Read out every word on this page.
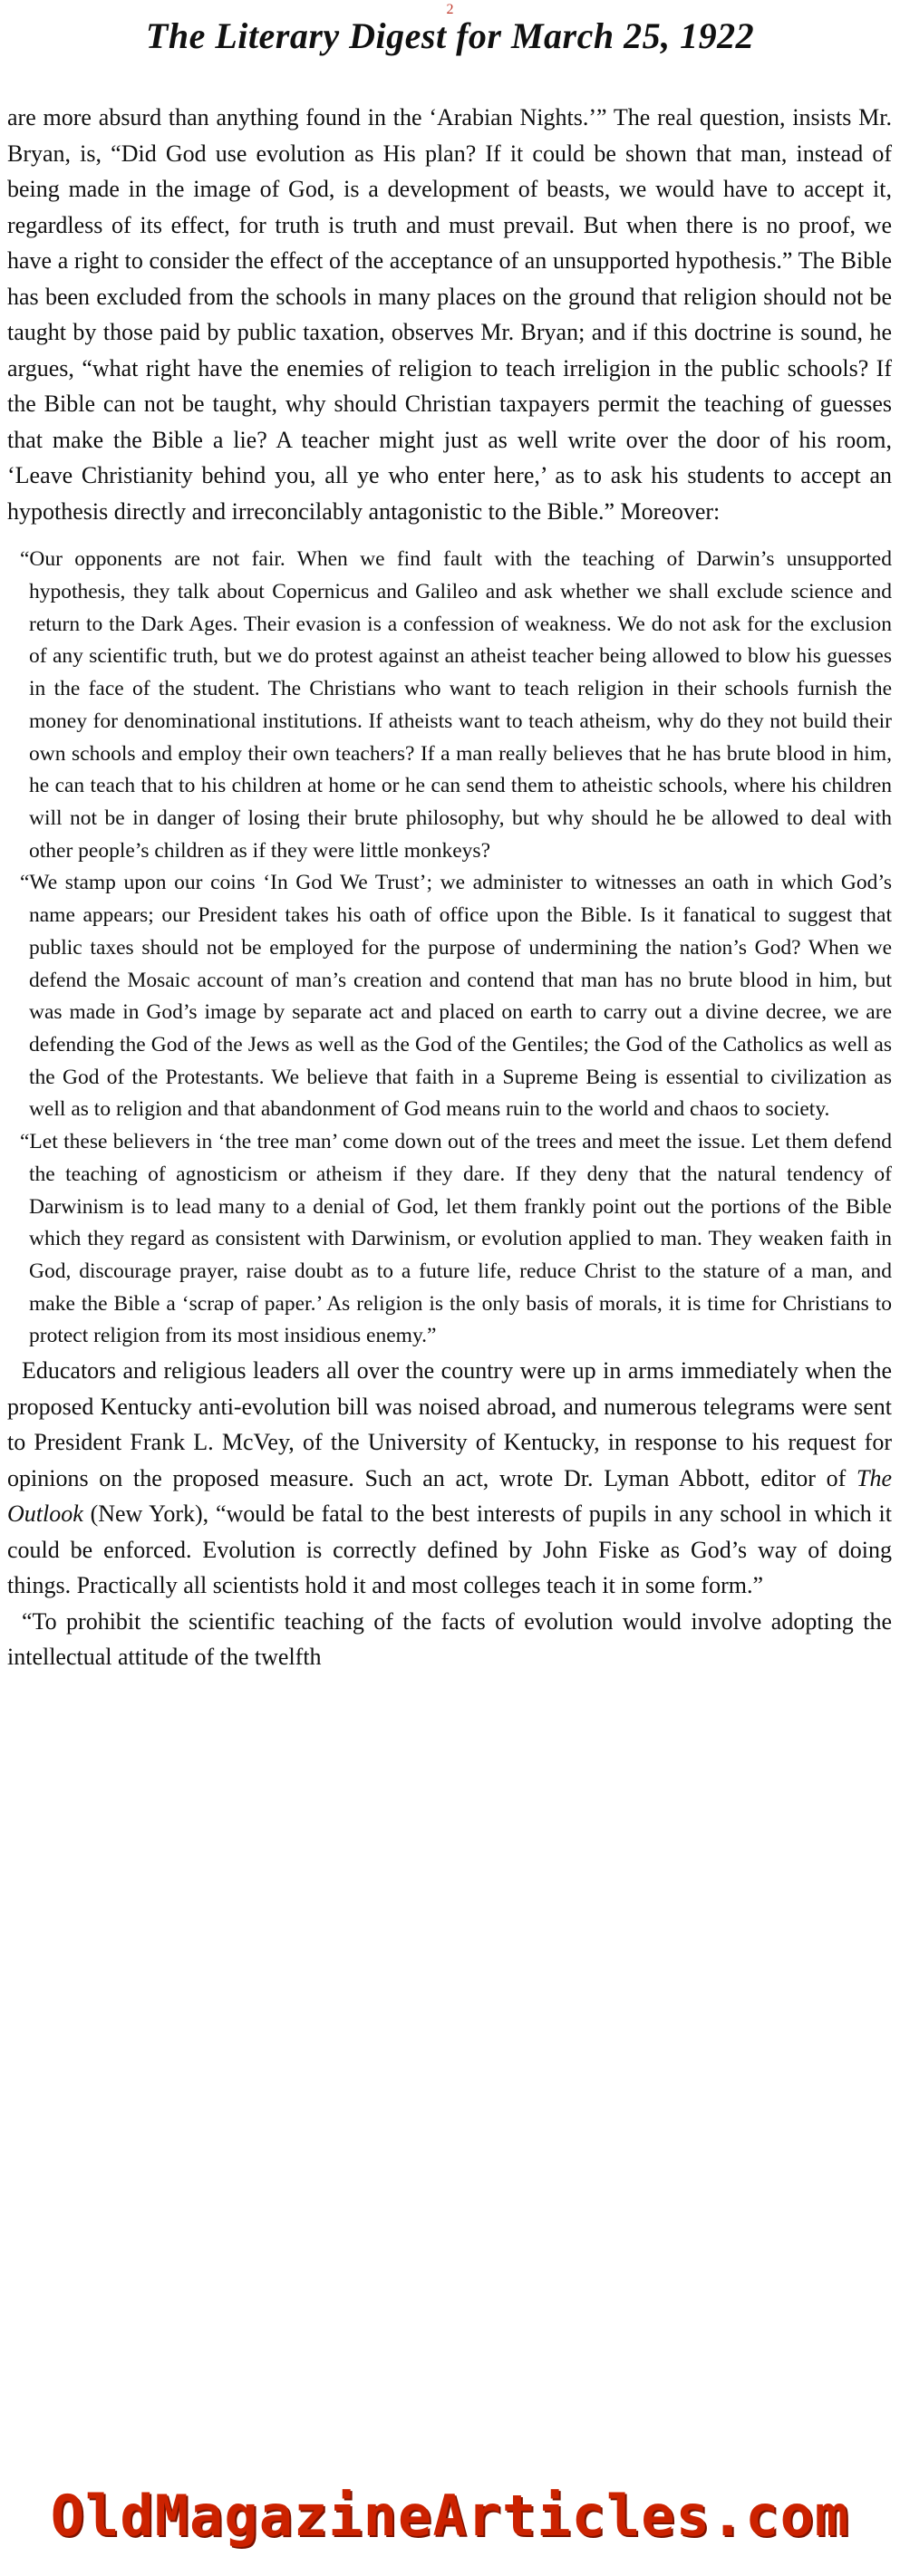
2
The Literary Digest for March 25, 1922

are more absurd than anything found in the ‘Arabian Nights.’” The real question, insists Mr. Bryan, is, “Did God use evolution as His plan? If it could be shown that man, instead of being made in the image of God, is a development of beasts, we would have to accept it, regardless of its effect, for truth is truth and must prevail. But when there is no proof, we have a right to consider the effect of the acceptance of an unsupported hypothesis.” The Bible has been excluded from the schools in many places on the ground that religion should not be taught by those paid by public taxation, observes Mr. Bryan; and if this doctrine is sound, he argues, “what right have the enemies of religion to teach irreligion in the public schools? If the Bible can not be taught, why should Christian taxpayers permit the teaching of guesses that make the Bible a lie? A teacher might just as well write over the door of his room, ‘Leave Christianity behind you, all ye who enter here,’ as to ask his students to accept an hypothesis directly and irreconcilably antagonistic to the Bible.” Moreover:

“Our opponents are not fair. When we find fault with the teaching of Darwin’s unsupported hypothesis, they talk about Copernicus and Galileo and ask whether we shall exclude science and return to the Dark Ages. Their evasion is a confession of weakness. We do not ask for the exclusion of any scientific truth, but we do protest against an atheist teacher being allowed to blow his guesses in the face of the student. The Christians who want to teach religion in their schools furnish the money for denominational institutions. If atheists want to teach atheism, why do they not build their own schools and employ their own teachers? If a man really believes that he has brute blood in him, he can teach that to his children at home or he can send them to atheistic schools, where his children will not be in danger of losing their brute philosophy, but why should he be allowed to deal with other people’s children as if they were little monkeys?

“We stamp upon our coins ‘In God We Trust’; we administer to witnesses an oath in which God’s name appears; our President takes his oath of office upon the Bible. Is it fanatical to suggest that public taxes should not be employed for the purpose of undermining the nation’s God? When we defend the Mosaic account of man’s creation and contend that man has no brute blood in him, but was made in God’s image by separate act and placed on earth to carry out a divine decree, we are defending the God of the Jews as well as the God of the Gentiles; the God of the Catholics as well as the God of the Protestants. We believe that faith in a Supreme Being is essential to civilization as well as to religion and that abandonment of God means ruin to the world and chaos to society.

“Let these believers in ‘the tree man’ come down out of the trees and meet the issue. Let them defend the teaching of agnosticism or atheism if they dare. If they deny that the natural tendency of Darwinism is to lead many to a denial of God, let them frankly point out the portions of the Bible which they regard as consistent with Darwinism, or evolution applied to man. They weaken faith in God, discourage prayer, raise doubt as to a future life, reduce Christ to the stature of a man, and make the Bible a ‘scrap of paper.’ As religion is the only basis of morals, it is time for Christians to protect religion from its most insidious enemy.”

Educators and religious leaders all over the country were up in arms immediately when the proposed Kentucky anti-evolution bill was noised abroad, and numerous telegrams were sent to President Frank L. McVey, of the University of Kentucky, in response to his request for opinions on the proposed measure. Such an act, wrote Dr. Lyman Abbott, editor of The Outlook (New York), “would be fatal to the best interests of pupils in any school in which it could be enforced. Evolution is correctly defined by John Fiske as God’s way of doing things. Practically all scientists hold it and most colleges teach it in some form.”

“To prohibit the scientific teaching of the facts of evolution would involve adopting the intellectual attitude of the twelfth

OldMagazineArticles.com
